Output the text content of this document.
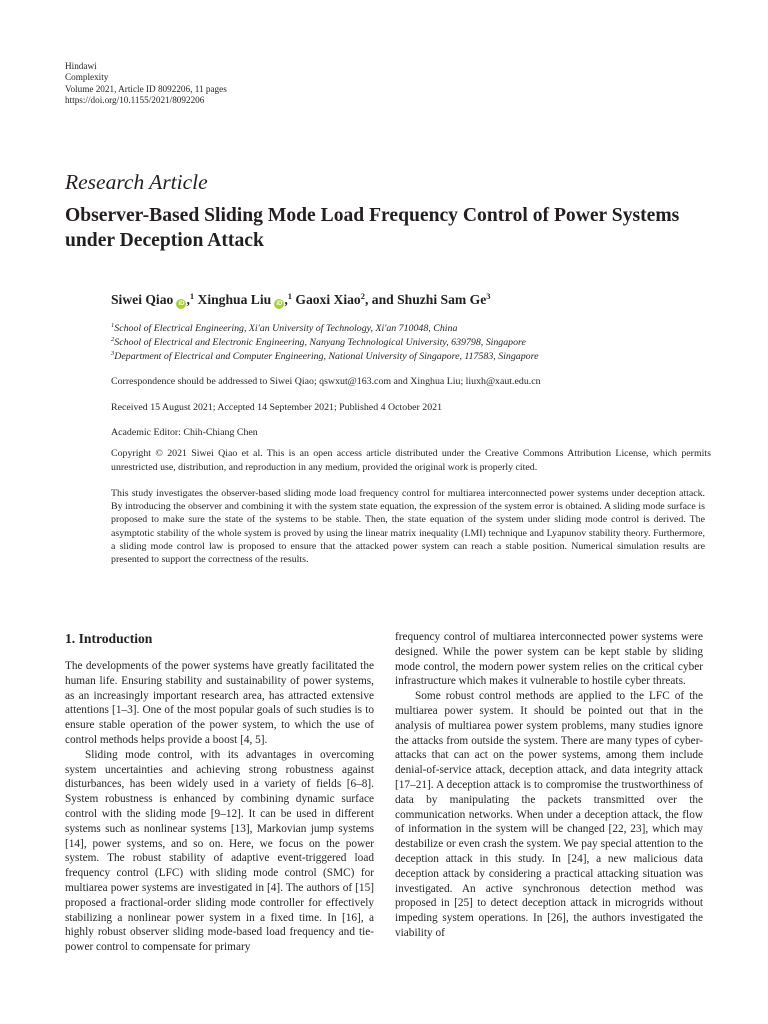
Hindawi
Complexity
Volume 2021, Article ID 8092206, 11 pages
https://doi.org/10.1155/2021/8092206
Research Article
Observer-Based Sliding Mode Load Frequency Control of Power Systems under Deception Attack
Siwei Qiao  iD ,$^1$ Xinghua Liu  iD ,$^1$ Gaoxi Xiao$^2$, and Shuzhi Sam Ge$^3$
$^1$School of Electrical Engineering, Xi'an University of Technology, Xi'an 710048, China
$^2$School of Electrical and Electronic Engineering, Nanyang Technological University, 639798, Singapore
$^3$Department of Electrical and Computer Engineering, National University of Singapore, 117583, Singapore
Correspondence should be addressed to Siwei Qiao; qswxut@163.com and Xinghua Liu; liuxh@xaut.edu.cn
Received 15 August 2021; Accepted 14 September 2021; Published 4 October 2021
Academic Editor: Chih-Chiang Chen
Copyright © 2021 Siwei Qiao et al. This is an open access article distributed under the Creative Commons Attribution License, which permits unrestricted use, distribution, and reproduction in any medium, provided the original work is properly cited.
This study investigates the observer-based sliding mode load frequency control for multiarea interconnected power systems under deception attack. By introducing the observer and combining it with the system state equation, the expression of the system error is obtained. A sliding mode surface is proposed to make sure the state of the systems to be stable. Then, the state equation of the system under sliding mode control is derived. The asymptotic stability of the whole system is proved by using the linear matrix inequality (LMI) technique and Lyapunov stability theory. Furthermore, a sliding mode control law is proposed to ensure that the attacked power system can reach a stable position. Numerical simulation results are presented to support the correctness of the results.
1. Introduction

The developments of the power systems have greatly facilitated the human life. Ensuring stability and sustainability of power systems, as an increasingly important research area, has attracted extensive attentions [1–3]. One of the most popular goals of such studies is to ensure stable operation of the power system, to which the use of control methods helps provide a boost [4, 5].

Sliding mode control, with its advantages in overcoming system uncertainties and achieving strong robustness against disturbances, has been widely used in a variety of fields [6–8]. System robustness is enhanced by combining dynamic surface control with the sliding mode [9–12]. It can be used in different systems such as nonlinear systems [13], Markovian jump systems [14], power systems, and so on. Here, we focus on the power system. The robust stability of adaptive event-triggered load frequency control (LFC) with sliding mode control (SMC) for multiarea power systems are investigated in [4]. The authors of [15] proposed a fractional-order sliding mode controller for effectively stabilizing a nonlinear power system in a fixed time. In [16], a highly robust observer sliding mode-based load frequency and tie-power control to compensate for primary

frequency control of multiarea interconnected power systems were designed. While the power system can be kept stable by sliding mode control, the modern power system relies on the critical cyber infrastructure which makes it vulnerable to hostile cyber threats.

Some robust control methods are applied to the LFC of the multiarea power system. It should be pointed out that in the analysis of multiarea power system problems, many studies ignore the attacks from outside the system. There are many types of cyber-attacks that can act on the power systems, among them include denial-of-service attack, deception attack, and data integrity attack [17–21]. A deception attack is to compromise the trustworthiness of data by manipulating the packets transmitted over the communication networks. When under a deception attack, the flow of information in the system will be changed [22, 23], which may destabilize or even crash the system. We pay special attention to the deception attack in this study. In [24], a new malicious data deception attack by considering a practical attacking situation was investigated. An active synchronous detection method was proposed in [25] to detect deception attack in microgrids without impeding system operations. In [26], the authors investigated the viability of
